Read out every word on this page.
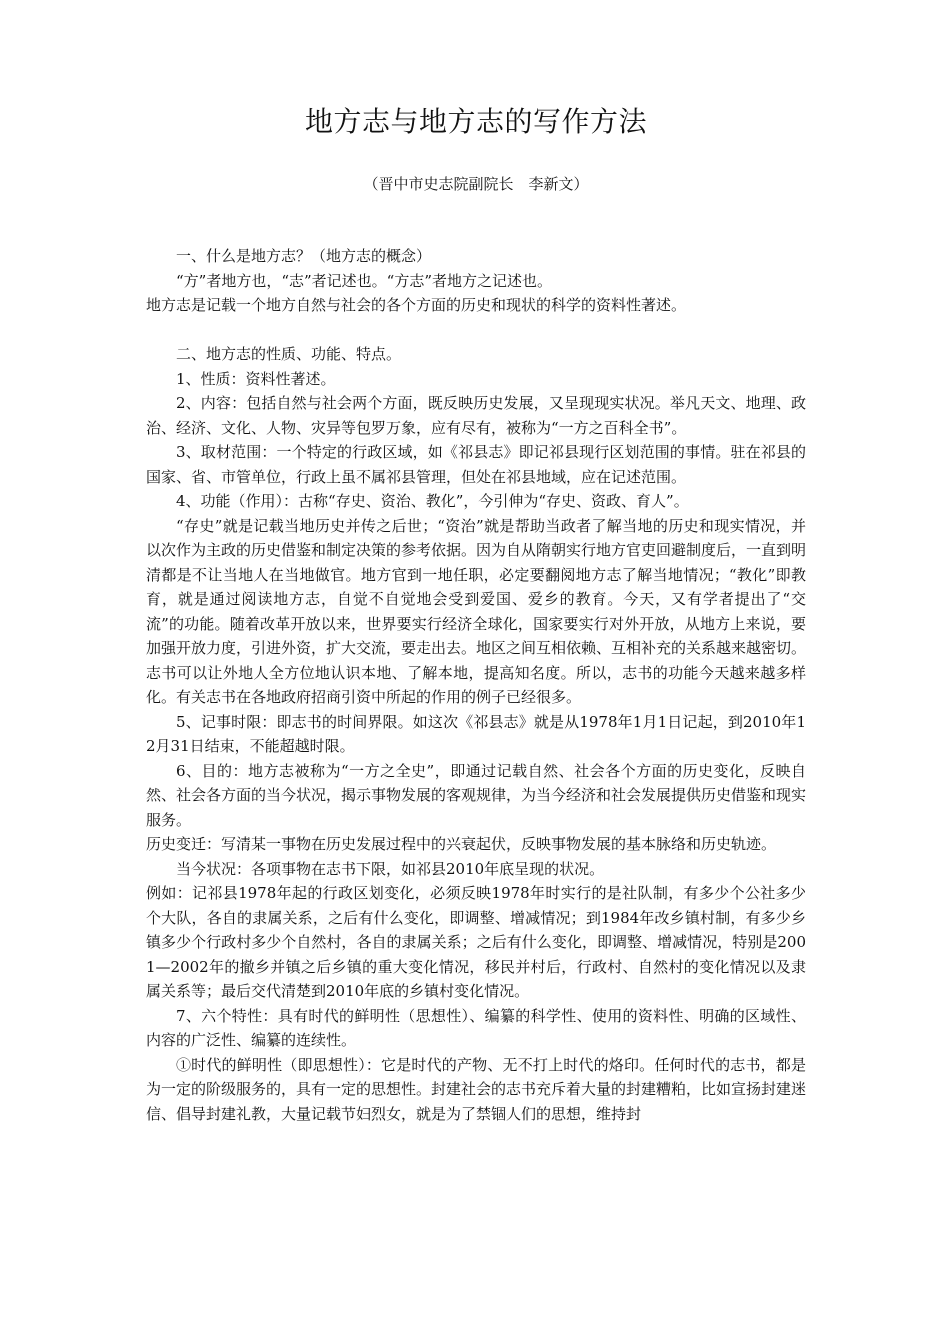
地方志与地方志的写作方法
（晋中市史志院副院长　李新文）

一、什么是地方志？（地方志的概念）

“方”者地方也，“志”者记述也。“方志”者地方之记述也。

地方志是记载一个地方自然与社会的各个方面的历史和现状的科学的资料性著述。

二、地方志的性质、功能、特点。

1、性质：资料性著述。

2、内容：包括自然与社会两个方面，既反映历史发展，又呈现现实状况。举凡天文、地理、政治、经济、文化、人物、灾异等包罗万象，应有尽有，被称为“一方之百科全书”。

3、取材范围：一个特定的行政区域，如《祁县志》即记祁县现行区划范围的事情。驻在祁县的国家、省、市管单位，行政上虽不属祁县管理，但处在祁县地域，应在记述范围。

4、功能（作用）：古称“存史、资治、教化”，今引伸为“存史、资政、育人”。

“存史”就是记载当地历史并传之后世；“资治”就是帮助当政者了解当地的历史和现实情况，并以次作为主政的历史借鉴和制定决策的参考依据。因为自从隋朝实行地方官吏回避制度后，一直到明清都是不让当地人在当地做官。地方官到一地任职，必定要翻阅地方志了解当地情况；“教化”即教育，就是通过阅读地方志，自觉不自觉地会受到爱国、爱乡的教育。今天，又有学者提出了“交流”的功能。随着改革开放以来，世界要实行经济全球化，国家要实行对外开放，从地方上来说，要加强开放力度，引进外资，扩大交流，要走出去。地区之间互相依赖、互相补充的关系越来越密切。志书可以让外地人全方位地认识本地、了解本地，提高知名度。所以，志书的功能今天越来越多样化。有关志书在各地政府招商引资中所起的作用的例子已经很多。

5、记事时限：即志书的时间界限。如这次《祁县志》就是从1978年1月1日记起，到2010年12月31日结束，不能超越时限。

6、目的：地方志被称为“一方之全史”，即通过记载自然、社会各个方面的历史变化，反映自然、社会各方面的当今状况，揭示事物发展的客观规律，为当今经济和社会发展提供历史借鉴和现实服务。

历史变迁：写清某一事物在历史发展过程中的兴衰起伏，反映事物发展的基本脉络和历史轨迹。

当今状况：各项事物在志书下限，如祁县2010年底呈现的状况。

例如：记祁县1978年起的行政区划变化，必须反映1978年时实行的是社队制，有多少个公社多少个大队，各自的隶属关系，之后有什么变化，即调整、增减情况；到1984年改乡镇村制，有多少乡镇多少个行政村多少个自然村，各自的隶属关系；之后有什么变化，即调整、增减情况，特别是2001—2002年的撤乡并镇之后乡镇的重大变化情况，移民并村后，行政村、自然村的变化情况以及隶属关系等；最后交代清楚到2010年底的乡镇村变化情况。

7、六个特性：具有时代的鲜明性（思想性）、编纂的科学性、使用的资料性、明确的区域性、内容的广泛性、编纂的连续性。

①时代的鲜明性（即思想性）：它是时代的产物、无不打上时代的烙印。任何时代的志书，都是为一定的阶级服务的，具有一定的思想性。封建社会的志书充斥着大量的封建糟粕，比如宣扬封建迷信、倡导封建礼教，大量记载节妇烈女，就是为了禁锢人们的思想，维持封
